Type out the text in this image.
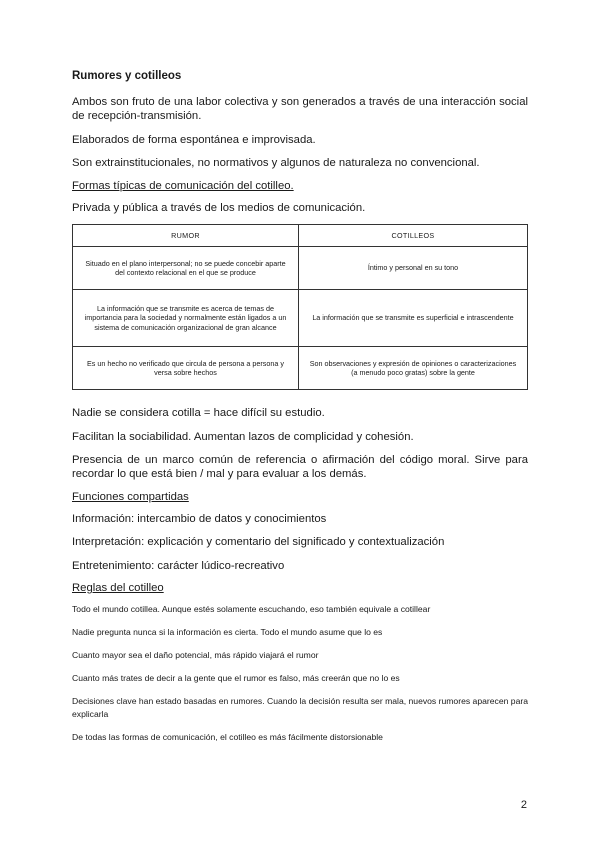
Rumores y cotilleos

Ambos son fruto de una labor colectiva y son generados a través de una interacción social de recepción-transmisión.

Elaborados de forma espontánea e improvisada.

Son extrainstitucionales, no normativos y algunos de naturaleza no convencional.

Formas típicas de comunicación del cotilleo.

Privada y pública a través de los medios de comunicación.

RUMOR	COTILLEOS
Situado en el plano interpersonal; no se puede concebir aparte del contexto relacional en el que se produce	Íntimo y personal en su tono
La información que se transmite es acerca de temas de importancia para la sociedad y normalmente están ligados a un sistema de comunicación organizacional de gran alcance	La información que se transmite es superficial e intrascendente
Es un hecho no verificado que circula de persona a persona y versa sobre hechos	Son observaciones y expresión de opiniones o caracterizaciones (a menudo poco gratas) sobre la gente

Nadie se considera cotilla = hace difícil su estudio.

Facilitan la sociabilidad. Aumentan lazos de complicidad y cohesión.

Presencia de un marco común de referencia o afirmación del código moral. Sirve para recordar lo que está bien / mal y para evaluar a los demás.

Funciones compartidas

Información: intercambio de datos y conocimientos

Interpretación: explicación y comentario del significado y contextualización

Entretenimiento: carácter lúdico-recreativo

Reglas del cotilleo
Todo el mundo cotillea. Aunque estés solamente escuchando, eso también equivale a cotillear
Nadie pregunta nunca si la información es cierta. Todo el mundo asume que lo es
Cuanto mayor sea el daño potencial, más rápido viajará el rumor
Cuanto más trates de decir a la gente que el rumor es falso, más creerán que no lo es
Decisiones clave han estado basadas en rumores. Cuando la decisión resulta ser mala, nuevos rumores aparecen para explicarla
De todas las formas de comunicación, el cotilleo es más fácilmente distorsionable
2
